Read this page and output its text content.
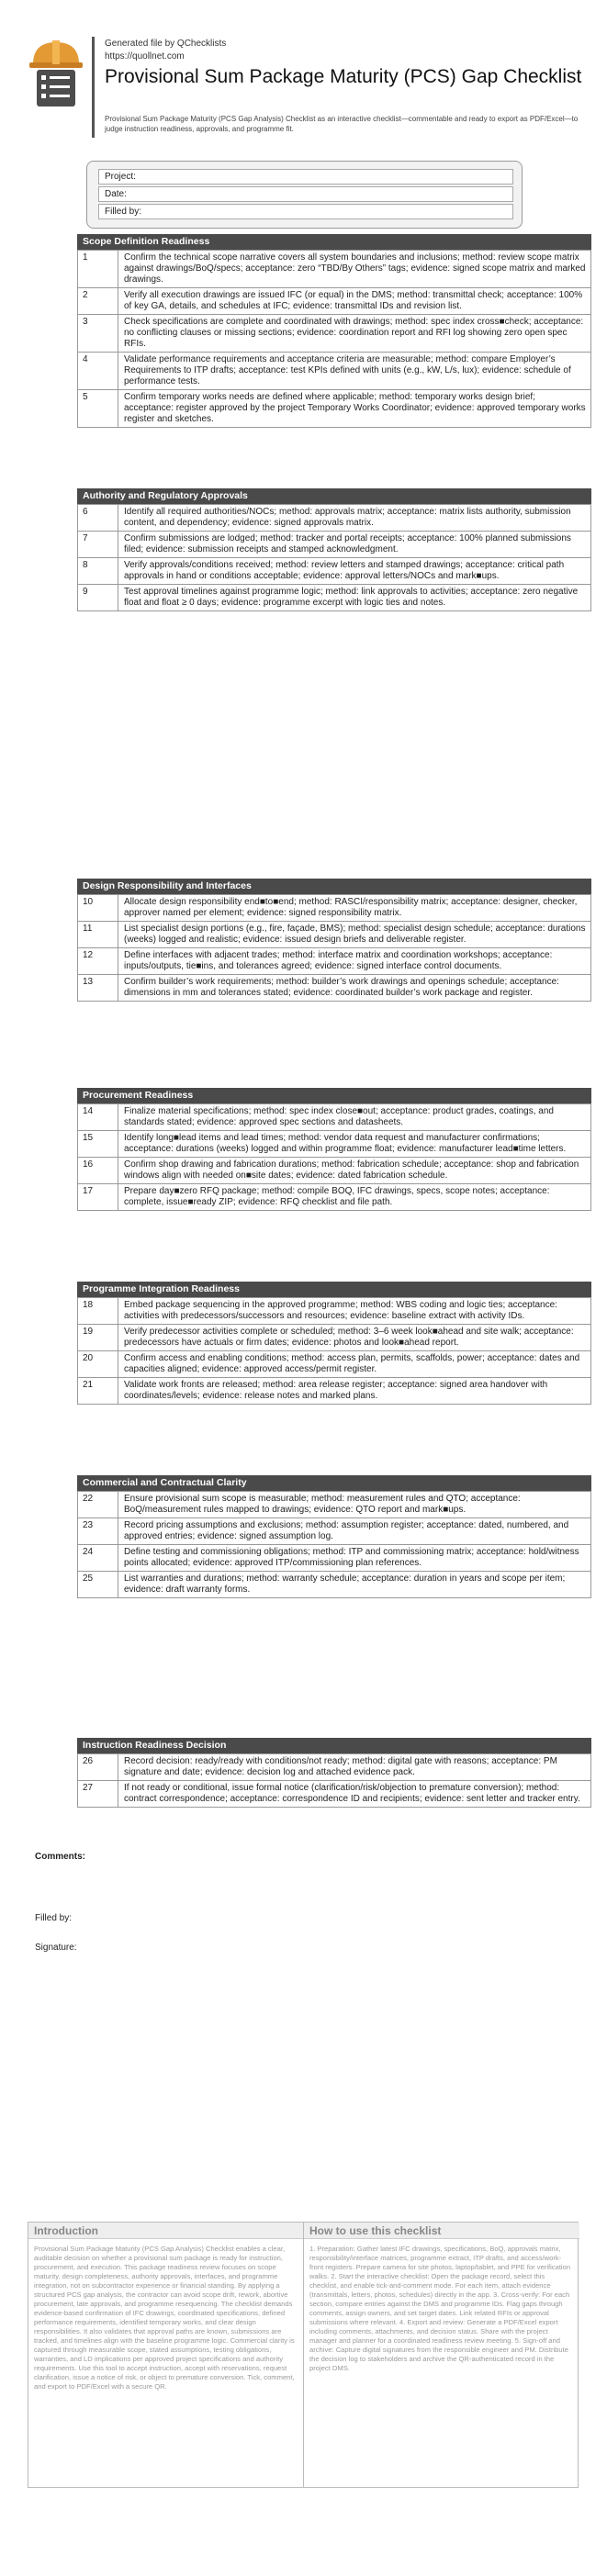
Generated file by QChecklists
https://quollnet.com
Provisional Sum Package Maturity (PCS) Gap Checklist

Provisional Sum Package Maturity (PCS Gap Analysis) Checklist as an interactive checklist—commentable and ready to export as PDF/Excel—to judge instruction readiness, approvals, and programme fit.

Project:
Date:
Filled by:
Scope Definition Readiness
1	Confirm the technical scope narrative covers all system boundaries and inclusions; method: review scope matrix against drawings/BoQ/specs; acceptance: zero “TBD/By Others” tags; evidence: signed scope matrix and marked drawings.
2	Verify all execution drawings are issued IFC (or equal) in the DMS; method: transmittal check; acceptance: 100% of key GA, details, and schedules at IFC; evidence: transmittal IDs and revision list.
3	Check specifications are complete and coordinated with drawings; method: spec index cross■check; acceptance: no conflicting clauses or missing sections; evidence: coordination report and RFI log showing zero open spec RFIs.
4	Validate performance requirements and acceptance criteria are measurable; method: compare Employer’s Requirements to ITP drafts; acceptance: test KPIs defined with units (e.g., kW, L/s, lux); evidence: schedule of performance tests.
5	Confirm temporary works needs are defined where applicable; method: temporary works design brief; acceptance: register approved by the project Temporary Works Coordinator; evidence: approved temporary works register and sketches.
Authority and Regulatory Approvals
6	Identify all required authorities/NOCs; method: approvals matrix; acceptance: matrix lists authority, submission content, and dependency; evidence: signed approvals matrix.
7	Confirm submissions are lodged; method: tracker and portal receipts; acceptance: 100% planned submissions filed; evidence: submission receipts and stamped acknowledgment.
8	Verify approvals/conditions received; method: review letters and stamped drawings; acceptance: critical path approvals in hand or conditions acceptable; evidence: approval letters/NOCs and mark■ups.
9	Test approval timelines against programme logic; method: link approvals to activities; acceptance: zero negative float and float ≥ 0 days; evidence: programme excerpt with logic ties and notes.
Design Responsibility and Interfaces
10	Allocate design responsibility end■to■end; method: RASCI/responsibility matrix; acceptance: designer, checker, approver named per element; evidence: signed responsibility matrix.
11	List specialist design portions (e.g., fire, façade, BMS); method: specialist design schedule; acceptance: durations (weeks) logged and realistic; evidence: issued design briefs and deliverable register.
12	Define interfaces with adjacent trades; method: interface matrix and coordination workshops; acceptance: inputs/outputs, tie■ins, and tolerances agreed; evidence: signed interface control documents.
13	Confirm builder’s work requirements; method: builder’s work drawings and openings schedule; acceptance: dimensions in mm and tolerances stated; evidence: coordinated builder’s work package and register.
Procurement Readiness
14	Finalize material specifications; method: spec index close■out; acceptance: product grades, coatings, and standards stated; evidence: approved spec sections and datasheets.
15	Identify long■lead items and lead times; method: vendor data request and manufacturer confirmations; acceptance: durations (weeks) logged and within programme float; evidence: manufacturer lead■time letters.
16	Confirm shop drawing and fabrication durations; method: fabrication schedule; acceptance: shop and fabrication windows align with needed on■site dates; evidence: dated fabrication schedule.
17	Prepare day■zero RFQ package; method: compile BOQ, IFC drawings, specs, scope notes; acceptance: complete, issue■ready ZIP; evidence: RFQ checklist and file path.
Programme Integration Readiness
18	Embed package sequencing in the approved programme; method: WBS coding and logic ties; acceptance: activities with predecessors/successors and resources; evidence: baseline extract with activity IDs.
19	Verify predecessor activities complete or scheduled; method: 3–6 week look■ahead and site walk; acceptance: predecessors have actuals or firm dates; evidence: photos and look■ahead report.
20	Confirm access and enabling conditions; method: access plan, permits, scaffolds, power; acceptance: dates and capacities aligned; evidence: approved access/permit register.
21	Validate work fronts are released; method: area release register; acceptance: signed area handover with coordinates/levels; evidence: release notes and marked plans.
Commercial and Contractual Clarity
22	Ensure provisional sum scope is measurable; method: measurement rules and QTO; acceptance: BoQ/measurement rules mapped to drawings; evidence: QTO report and mark■ups.
23	Record pricing assumptions and exclusions; method: assumption register; acceptance: dated, numbered, and approved entries; evidence: signed assumption log.
24	Define testing and commissioning obligations; method: ITP and commissioning matrix; acceptance: hold/witness points allocated; evidence: approved ITP/commissioning plan references.
25	List warranties and durations; method: warranty schedule; acceptance: duration in years and scope per item; evidence: draft warranty forms.
Instruction Readiness Decision
26	Record decision: ready/ready with conditions/not ready; method: digital gate with reasons; acceptance: PM signature and date; evidence: decision log and attached evidence pack.
27	If not ready or conditional, issue formal notice (clarification/risk/objection to premature conversion); method: contract correspondence; acceptance: correspondence ID and recipients; evidence: sent letter and tracker entry.
Comments:
Filled by:
Signature:
Introduction
Provisional Sum Package Maturity (PCS Gap Analysis) Checklist enables a clear, auditable decision on whether a provisional sum package is ready for instruction, procurement, and execution. This package readiness review focuses on scope maturity, design completeness, authority approvals, interfaces, and programme integration, not on subcontractor experience or financial standing. By applying a structured PCS gap analysis, the contractor can avoid scope drift, rework, abortive procurement, late approvals, and programme resequencing. The checklist demands evidence-based confirmation of IFC drawings, coordinated specifications, defined performance requirements, identified temporary works, and clear design responsibilities. It also validates that approval paths are known, submissions are tracked, and timelines align with the baseline programme logic. Commercial clarity is captured through measurable scope, stated assumptions, testing obligations, warranties, and LD implications per approved project specifications and authority requirements. Use this tool to accept instruction, accept with reservations, request clarification, issue a notice of risk, or object to premature conversion. Tick, comment, and export to PDF/Excel with a secure QR.
How to use this checklist
1. Preparation: Gather latest IFC drawings, specifications, BoQ, approvals matrix, responsibility/interface matrices, programme extract, ITP drafts, and access/work-front registers. Prepare camera for site photos, laptop/tablet, and PPE for verification walks. 2. Start the interactive checklist: Open the package record, select this checklist, and enable tick-and-comment mode. For each item, attach evidence (transmittals, letters, photos, schedules) directly in the app. 3. Cross-verify: For each section, compare entries against the DMS and programme IDs. Flag gaps through comments, assign owners, and set target dates. Link related RFIs or approval submissions where relevant. 4. Export and review: Generate a PDF/Excel export including comments, attachments, and decision status. Share with the project manager and planner for a coordinated readiness review meeting. 5. Sign-off and archive: Capture digital signatures from the responsible engineer and PM. Distribute the decision log to stakeholders and archive the QR-authenticated record in the project DMS.
